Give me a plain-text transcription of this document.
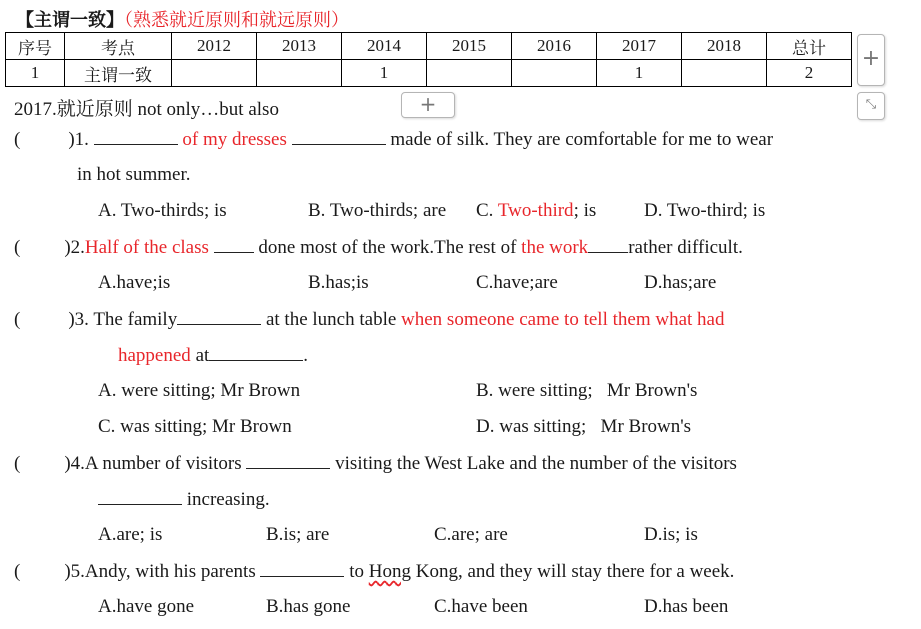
【主谓一致】（熟悉就近原则和就远原则）
序号	考点	2012	2013	2014	2015	2016	2017	2018	总计
1	主谓一致			1			1		2
+
+	⤡
2017.就近原则 not only…but also
(	)1.	of my dresses	made of silk. They are comfortable for me to wear
in hot summer.
A. Two-thirds; is	B. Two-thirds; are C. Two-third; is	D. Two-third; is
( )2.Half of the class	done most of the work.The rest of the work rather difficult.
A.have;is	B.has;is	C.have;are	D.has;are
(	)3. The family	at the lunch table when someone came to tell them what had
happened at	.
A. were sitting; Mr Brown	B. were sitting;   Mr Brown's
C. was sitting; Mr Brown	D. was sitting;   Mr Brown's
( )4.A number of visitors	visiting the West Lake and the number of the visitors
increasing.
A.are; is	B.is; are	C.are; are	D.is; is
( )5.Andy, with his parents	to Hong Kong, and they will stay there for a week.
A.have gone	B.has gone	C.have been	D.has been
